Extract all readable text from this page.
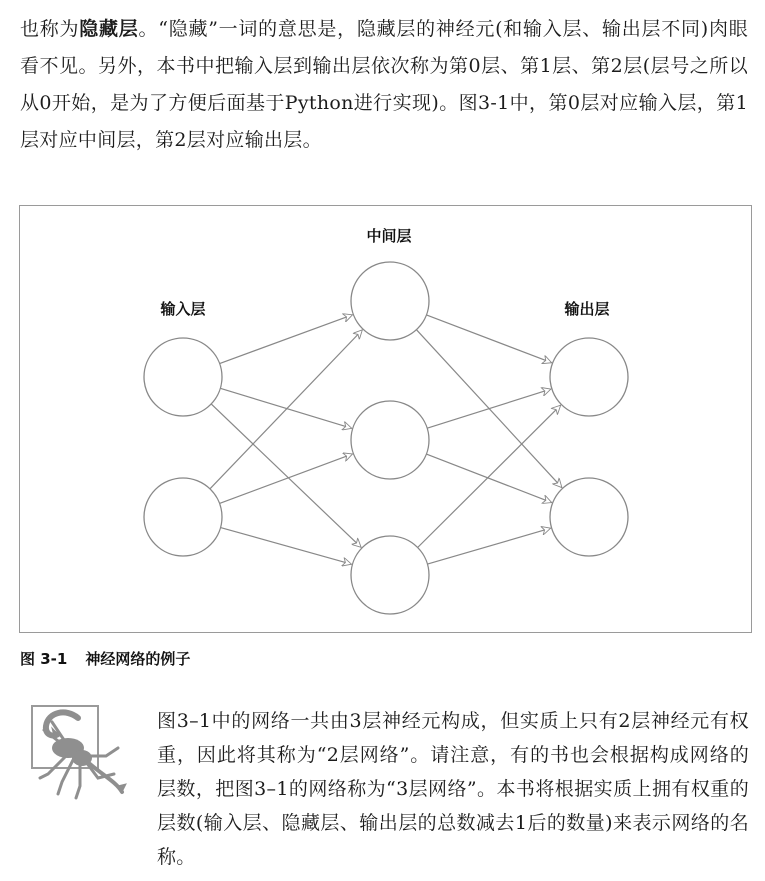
也称为隐藏层。“隐藏”一词的意思是，隐藏层的神经元(和输入层、输出层不同)肉眼看不见。另外，本书中把输入层到输出层依次称为第0层、第1层、第2层(层号之所以从0开始，是为了方便后面基于Python进行实现)。图3-1中，第0层对应输入层，第1层对应中间层，第2层对应输出层。

输入层
中间层
输出层

图 3-1 神经网络的例子

图3–1中的网络一共由3层神经元构成，但实质上只有2层神经元有权重，因此将其称为“2层网络”。请注意，有的书也会根据构成网络的层数，把图3–1的网络称为“3层网络”。本书将根据实质上拥有权重的层数(输入层、隐藏层、输出层的总数减去1后的数量)来表示网络的名称。
